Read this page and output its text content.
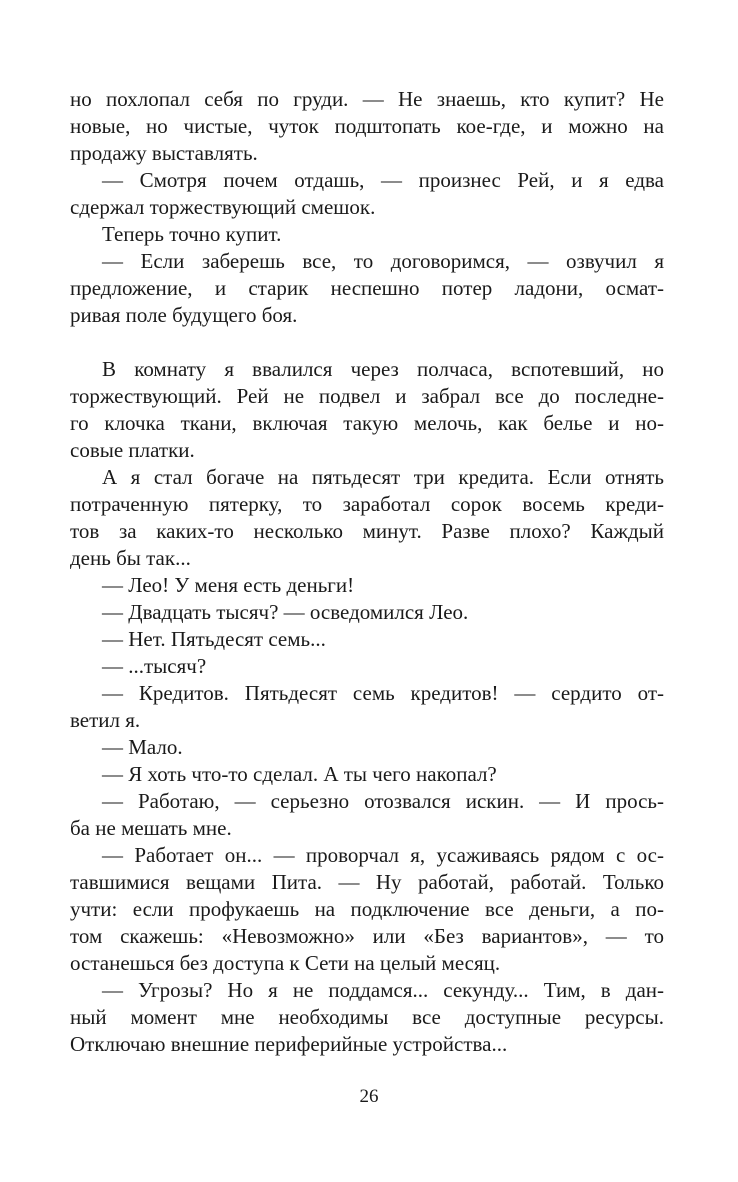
но похлопал себя по груди. — Не знаешь, кто купит? Не
новые, но чистые, чуток подштопать кое-где, и можно на
продажу выставлять.
— Смотря почем отдашь, — произнес Рей, и я едва
сдержал торжествующий смешок.
Теперь точно купит.
— Если заберешь все, то договоримся, — озвучил я
предложение, и старик неспешно потер ладони, осмат-
ривая поле будущего боя.
В комнату я ввалился через полчаса, вспотевший, но
торжествующий. Рей не подвел и забрал все до последне-
го клочка ткани, включая такую мелочь, как белье и но-
совые платки.
А я стал богаче на пятьдесят три кредита. Если отнять
потраченную пятерку, то заработал сорок восемь креди-
тов за каких-то несколько минут. Разве плохо? Каждый
день бы так...
— Лео! У меня есть деньги!
— Двадцать тысяч? — осведомился Лео.
— Нет. Пятьдесят семь...
— ...тысяч?
— Кредитов. Пятьдесят семь кредитов! — сердито от-
ветил я.
— Мало.
— Я хоть что-то сделал. А ты чего накопал?
— Работаю, — серьезно отозвался искин. — И прось-
ба не мешать мне.
— Работает он... — проворчал я, усаживаясь рядом с ос-
тавшимися вещами Пита. — Ну работай, работай. Только
учти: если профукаешь на подключение все деньги, а по-
том скажешь: «Невозможно» или «Без вариантов», — то
останешься без доступа к Сети на целый месяц.
— Угрозы? Но я не поддамся... секунду... Тим, в дан-
ный момент мне необходимы все доступные ресурсы.
Отключаю внешние периферийные устройства...
26
